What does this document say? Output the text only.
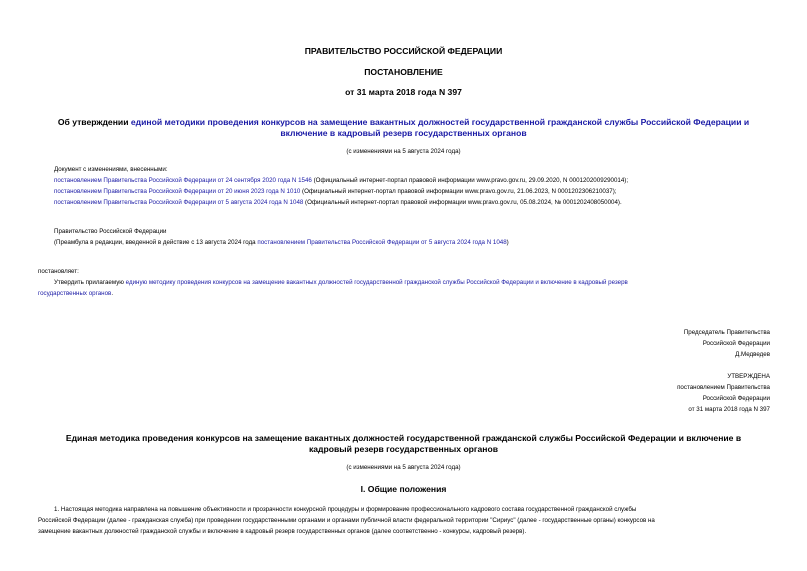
ПРАВИТЕЛЬСТВО РОССИЙСКОЙ ФЕДЕРАЦИИ
ПОСТАНОВЛЕНИЕ
от 31 марта 2018 года N 397
Об утверждении единой методики проведения конкурсов на замещение вакантных должностей государственной гражданской службы Российской Федерации и
включение в кадровый резерв государственных органов
(с изменениями на 5 августа 2024 года)
Документ с изменениями, внесенными:
постановлением Правительства Российской Федерации от 24 сентября 2020 года N 1546 (Официальный интернет-портал правовой информации www.pravo.gov.ru, 29.09.2020, N 0001202009290014);
постановлением Правительства Российской Федерации от 20 июня 2023 года N 1010 (Официальный интернет-портал правовой информации www.pravo.gov.ru, 21.06.2023, N 0001202306210037);
постановлением Правительства Российской Федерации от 5 августа 2024 года N 1048 (Официальный интернет-портал правовой информации www.pravo.gov.ru, 05.08.2024, № 0001202408050004).
Правительство Российской Федерации
(Преамбула в редакции, введенной в действие с 13 августа 2024 года постановлением Правительства Российской Федерации от 5 августа 2024 года N 1048)
постановляет:
Утвердить прилагаемую единую методику проведения конкурсов на замещение вакантных должностей государственной гражданской службы Российской Федерации и включение в кадровый резерв
государственных органов.
Председатель Правительства
Российской Федерации
Д.Медведев
УТВЕРЖДЕНА
постановлением Правительства
Российской Федерации
от 31 марта 2018 года N 397
Единая методика проведения конкурсов на замещение вакантных должностей государственной гражданской службы Российской Федерации и включение в
кадровый резерв государственных органов
(с изменениями на 5 августа 2024 года)
I. Общие положения
1. Настоящая методика направлена на повышение объективности и прозрачности конкурсной процедуры и формирование профессионального кадрового состава государственной гражданской службы
Российской Федерации (далее - гражданская служба) при проведении государственными органами и органами публичной власти федеральной территории "Сириус" (далее - государственные органы) конкурсов на
замещение вакантных должностей гражданской службы и включение в кадровый резерв государственных органов (далее соответственно - конкурсы, кадровый резерв).
